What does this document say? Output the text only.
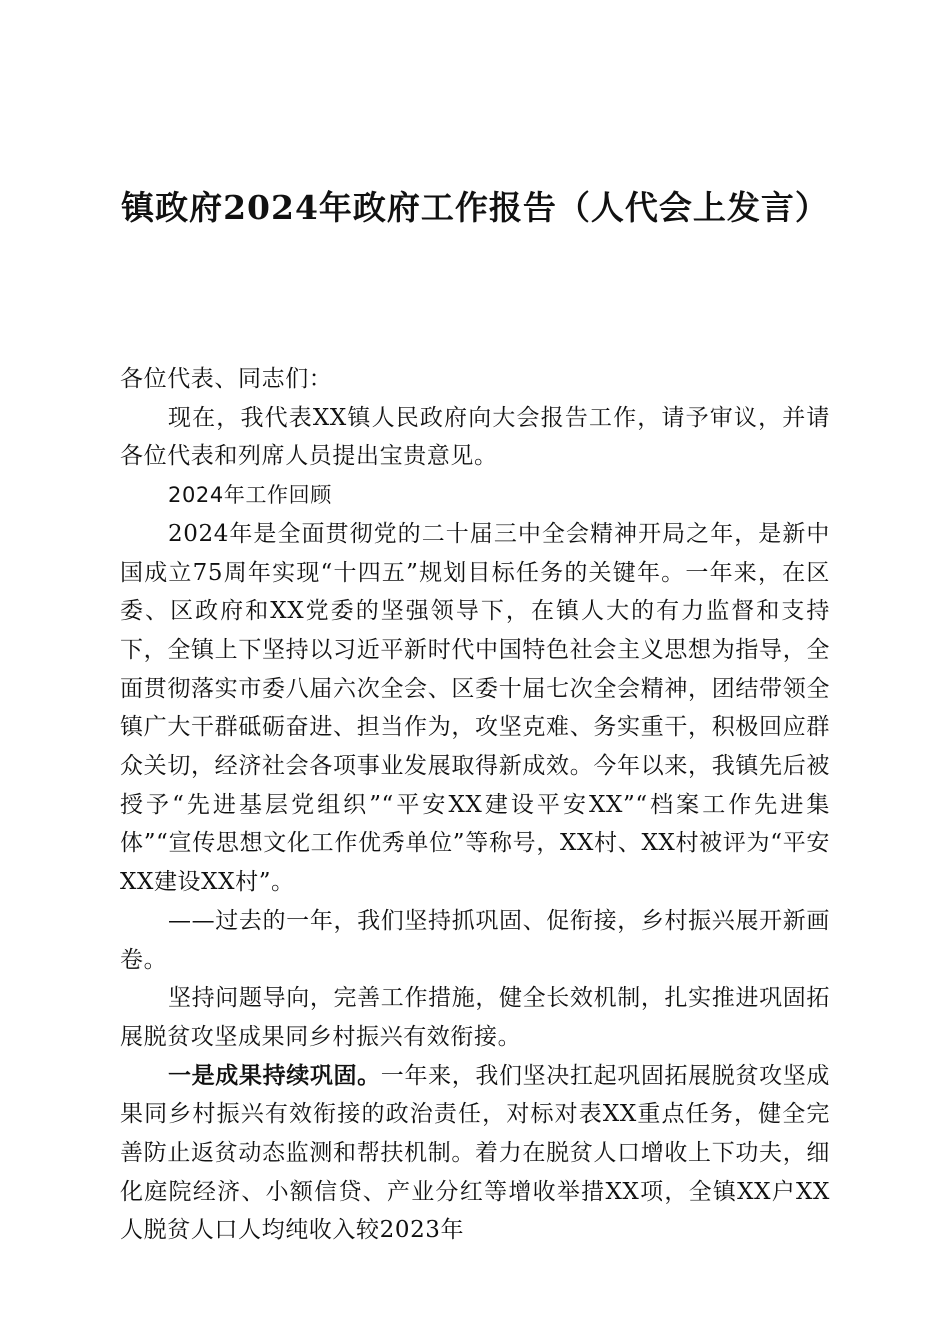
镇政府2024年政府工作报告（人代会上发言）

各位代表、同志们：

现在，我代表XX镇人民政府向大会报告工作，请予审议，并请各位代表和列席人员提出宝贵意见。

2024年工作回顾

2024年是全面贯彻党的二十届三中全会精神开局之年，是新中国成立75周年实现“十四五”规划目标任务的关键年。一年来，在区委、区政府和XX党委的坚强领导下，在镇人大的有力监督和支持下，全镇上下坚持以习近平新时代中国特色社会主义思想为指导，全面贯彻落实市委八届六次全会、区委十届七次全会精神，团结带领全镇广大干群砥砺奋进、担当作为，攻坚克难、务实重干，积极回应群众关切，经济社会各项事业发展取得新成效。今年以来，我镇先后被授予“先进基层党组织”“平安XX建设平安XX”“档案工作先进集体”“宣传思想文化工作优秀单位”等称号，XX村、XX村被评为“平安XX建设XX村”。

——过去的一年，我们坚持抓巩固、促衔接，乡村振兴展开新画卷。

坚持问题导向，完善工作措施，健全长效机制，扎实推进巩固拓展脱贫攻坚成果同乡村振兴有效衔接。

一是成果持续巩固。一年来，我们坚决扛起巩固拓展脱贫攻坚成果同乡村振兴有效衔接的政治责任，对标对表XX重点任务，健全完善防止返贫动态监测和帮扶机制。着力在脱贫人口增收上下功夫，细化庭院经济、小额信贷、产业分红等增收举措XX项，全镇XX户XX人脱贫人口人均纯收入较2023年
